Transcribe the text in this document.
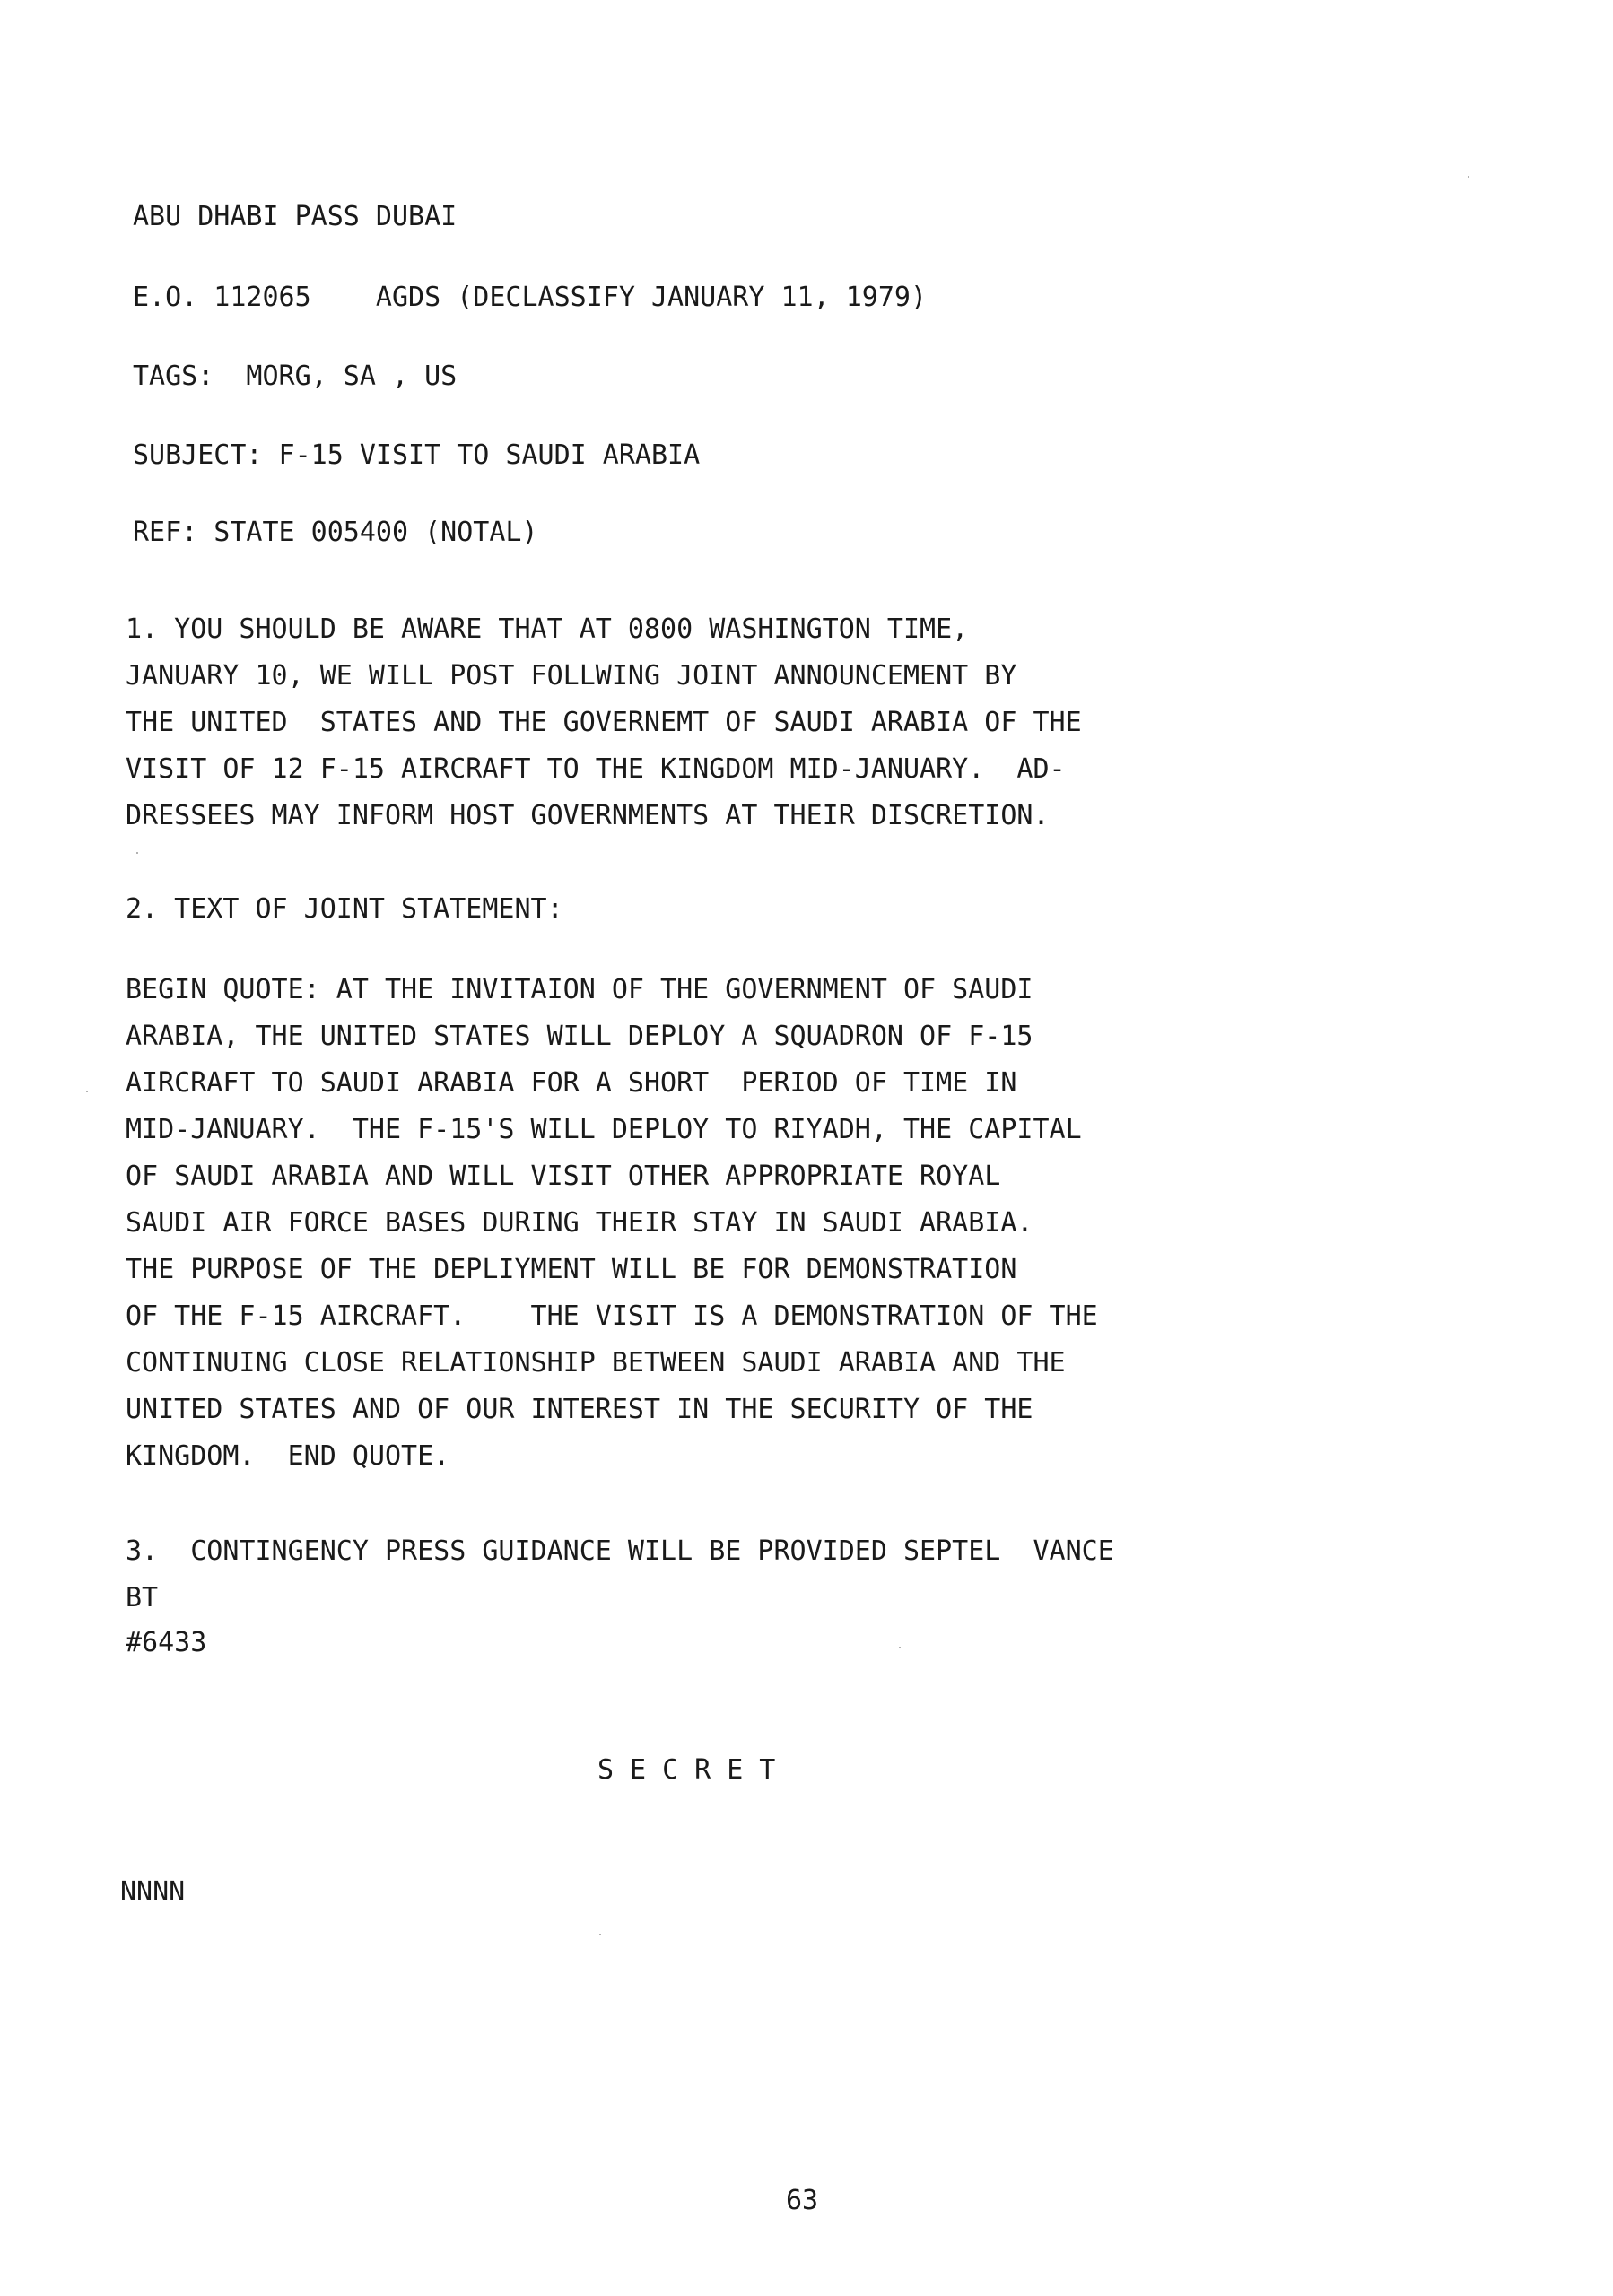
ABU DHABI PASS DUBAI
E.O. 112065    AGDS (DECLASSIFY JANUARY 11, 1979)
TAGS:  MORG, SA , US
SUBJECT: F-15 VISIT TO SAUDI ARABIA
REF: STATE 005400 (NOTAL)
1. YOU SHOULD BE AWARE THAT AT 0800 WASHINGTON TIME,
JANUARY 10, WE WILL POST FOLLWING JOINT ANNOUNCEMENT BY
THE UNITED  STATES AND THE GOVERNEMT OF SAUDI ARABIA OF THE
VISIT OF 12 F-15 AIRCRAFT TO THE KINGDOM MID-JANUARY.  AD-
DRESSEES MAY INFORM HOST GOVERNMENTS AT THEIR DISCRETION.
2. TEXT OF JOINT STATEMENT:
BEGIN QUOTE: AT THE INVITAION OF THE GOVERNMENT OF SAUDI
ARABIA, THE UNITED STATES WILL DEPLOY A SQUADRON OF F-15
AIRCRAFT TO SAUDI ARABIA FOR A SHORT  PERIOD OF TIME IN
MID-JANUARY.  THE F-15'S WILL DEPLOY TO RIYADH, THE CAPITAL
OF SAUDI ARABIA AND WILL VISIT OTHER APPROPRIATE ROYAL
SAUDI AIR FORCE BASES DURING THEIR STAY IN SAUDI ARABIA.
THE PURPOSE OF THE DEPLIYMENT WILL BE FOR DEMONSTRATION
OF THE F-15 AIRCRAFT.    THE VISIT IS A DEMONSTRATION OF THE
CONTINUING CLOSE RELATIONSHIP BETWEEN SAUDI ARABIA AND THE
UNITED STATES AND OF OUR INTEREST IN THE SECURITY OF THE
KINGDOM.  END QUOTE.
3.  CONTINGENCY PRESS GUIDANCE WILL BE PROVIDED SEPTEL  VANCE
BT
#6433
SECRET
NNNN
63
